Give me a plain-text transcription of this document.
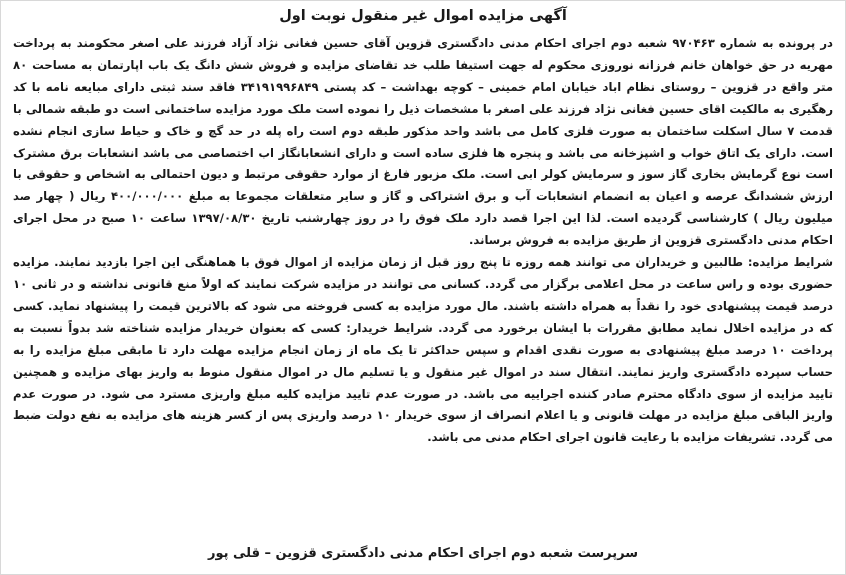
آگهی مزایده اموال غیر منقول نوبت اول

در پرونده به شماره ۹۷۰۴۶۳ شعبه دوم اجرای احکام مدنی دادگستری قزوین آقای حسین فغانی نژاد آزاد فرزند علی اصغر محکومند به پرداخت مهریه در حق خواهان خانم فرزانه نوروزی محکوم له جهت استیفا طلب خد تقاضای مزایده و فروش شش دانگ یک باب اپارتمان به مساحت ۸۰ متر واقع در قزوین – روستای نظام اباد خیابان امام خمینی – کوچه بهداشت – کد پستی ۳۴۱۹۱۹۹۶۸۴۹ فاقد سند ثبتی دارای مبایعه نامه با کد رهگیری به مالکیت اقای حسین فغانی نژاد فرزند علی اصغر با مشخصات ذیل را نموده است ملک مورد مزایده ساختمانی است دو طبقه شمالی با قدمت ۷ سال اسکلت ساختمان به صورت فلزی کامل می باشد واحد مذکور طبقه دوم است راه پله در حد گچ و خاک و حیاط سازی انجام نشده است. دارای یک اتاق خواب و اشپزخانه می باشد و پنجره ها فلزی ساده است و دارای انشعابانگاز اب اختصاصی می باشد انشعابات برق مشترک است نوع گرمایش بخاری گاز سوز و سرمایش کولر ابی است. ملک مزبور فارغ از موارد حقوقی مرتبط و دیون احتمالی به اشخاص و حقوقی با ارزش ششدانگ عرصه و اعیان به انضمام انشعابات آب و برق اشتراکی و گاز و سایر متعلقات مجموعا به مبلغ ۴۰۰/۰۰۰/۰۰۰ ریال ( چهار صد میلیون ریال ) کارشناسی گردیده است. لذا این اجرا قصد دارد ملک فوق را در روز چهارشنب تاریخ ۱۳۹۷/۰۸/۳۰ ساعت ۱۰ صبح در محل اجرای احکام مدنی دادگستری قزوین از طریق مزایده به فروش برساند.

شرایط مزایده: طالبین و خریداران می توانند همه روزه تا پنج روز قبل از زمان مزایده از اموال فوق با هماهنگی این اجرا بازدید نمایند. مزایده حضوری بوده و راس ساعت در محل اعلامی برگزار می گردد. کسانی می توانند در مزایده شرکت نمایند که اولاً منع قانونی نداشته و در ثانی ۱۰ درصد قیمت پیشنهادی خود را نقداً به همراه داشته باشند. مال مورد مزایده به کسی فروخته می شود که بالاترین قیمت را پیشنهاد نماید. کسی که در مزایده اخلال نماید مطابق مقررات با ایشان برخورد می گردد. شرایط خریدار: کسی که بعنوان خریدار مزایده شناخته شد بدواً نسبت به پرداخت ۱۰ درصد مبلغ پیشنهادی به صورت نقدی اقدام و سپس حداکثر تا یک ماه از زمان انجام مزایده مهلت دارد تا مابقی مبلغ مزایده را به حساب سپرده دادگستری واریز نمایند. انتقال سند در اموال غیر منقول و یا تسلیم مال در اموال منقول منوط به واریز بهای مزایده و همچنین تایید مزایده از سوی دادگاه محترم صادر کننده اجراییه می باشد. در صورت عدم تایید مزایده کلیه مبلغ واریزی مسترد می شود. در صورت عدم واریز الباقی مبلغ مزایده در مهلت قانونی و یا اعلام انصراف از سوی خریدار ۱۰ درصد واریزی پس از کسر هزینه های مزایده به نفع دولت ضبط می گردد. تشریفات مزایده با رعایت قانون اجرای احکام مدنی می باشد.

سرپرست شعبه دوم اجرای احکام مدنی دادگستری قزوین – قلی پور
